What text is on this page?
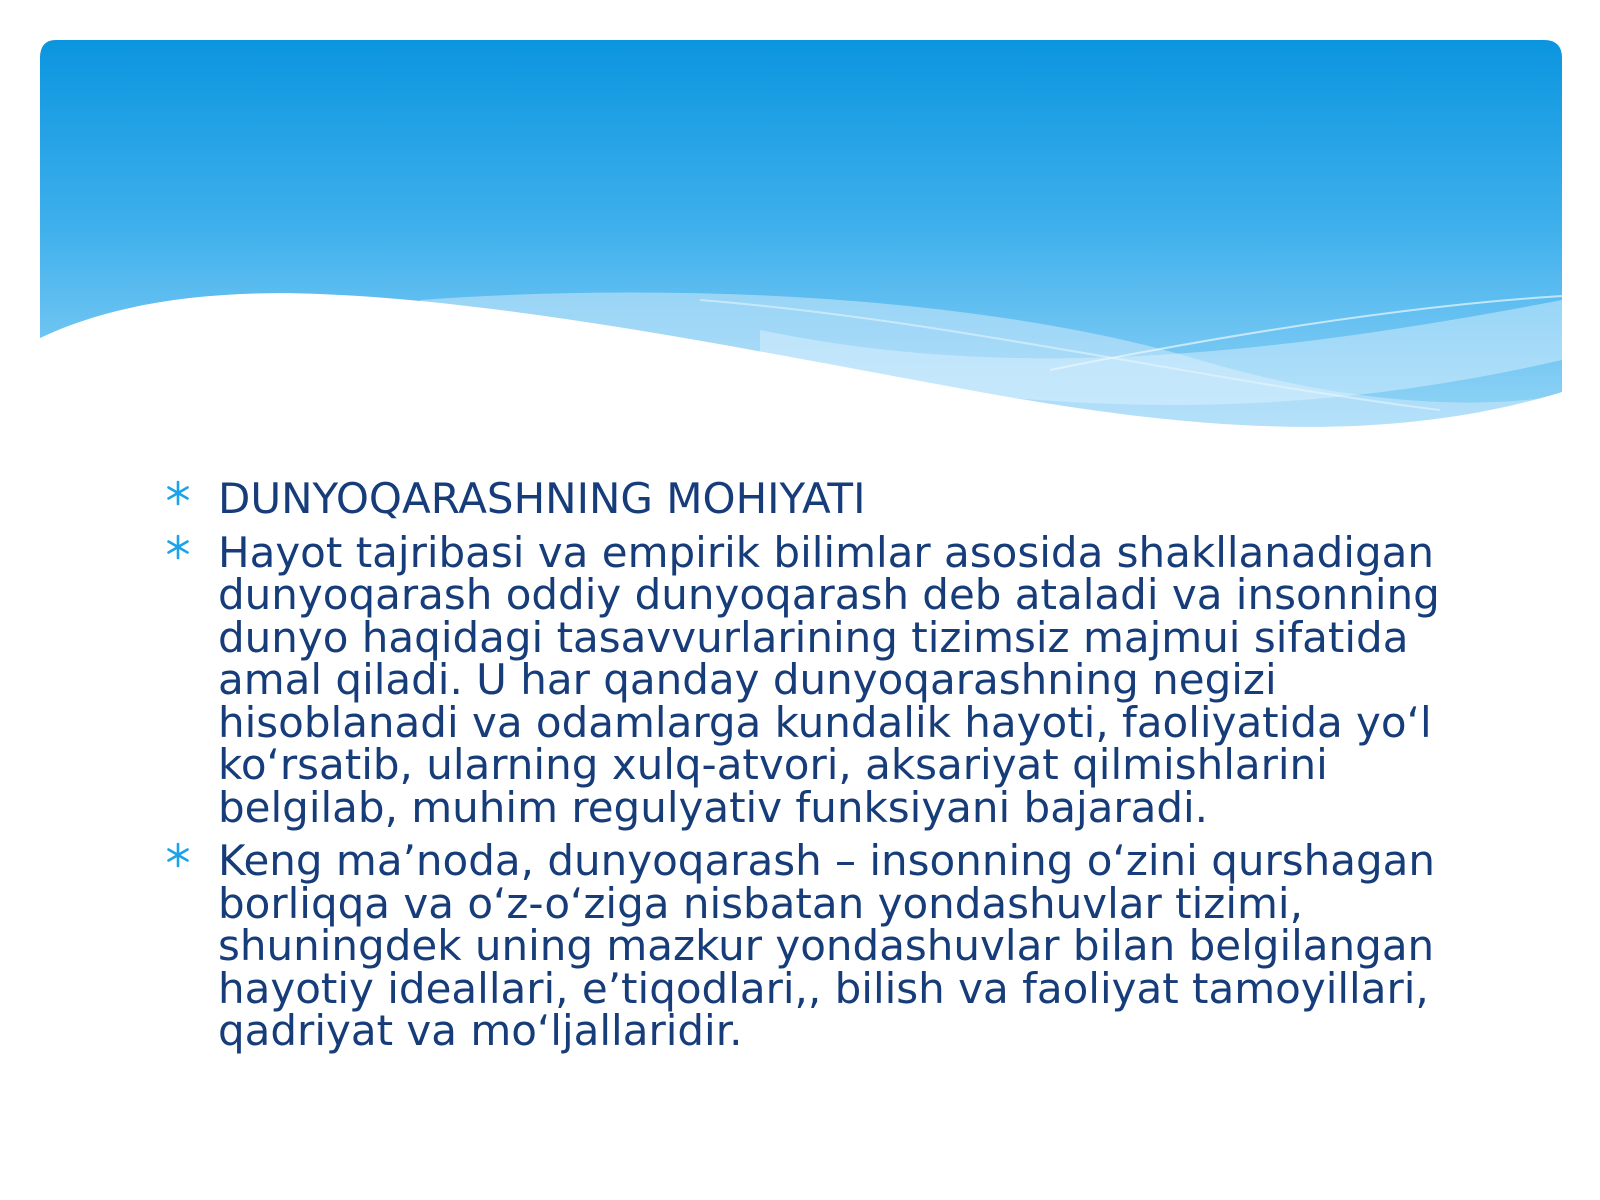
DUNYOQARASHNING MOHIYATI
Hayot tajribasi va empirik bilimlar asosida shakllanadigan dunyoqarash oddiy dunyoqarash deb ataladi va insonning dunyo haqidagi tasavvurlarining tizimsiz majmui sifatida amal qiladi. U har qanday dunyoqarashning negizi hisoblanadi va odamlarga kundalik hayoti, faoliyatida yo‘l ko‘rsatib, ularning xulq-atvori, aksariyat qilmishlarini belgilab, muhim regulyativ funksiyani bajaradi.
Keng ma’noda, dunyoqarash – insonning o‘zini qurshagan borliqqa va o‘z-o‘ziga nisbatan yondashuvlar tizimi, shuningdek uning mazkur yondashuvlar bilan belgilangan hayotiy ideallari, e’tiqodlari,, bilish va faoliyat tamoyillari, qadriyat va mo‘ljallaridir.
